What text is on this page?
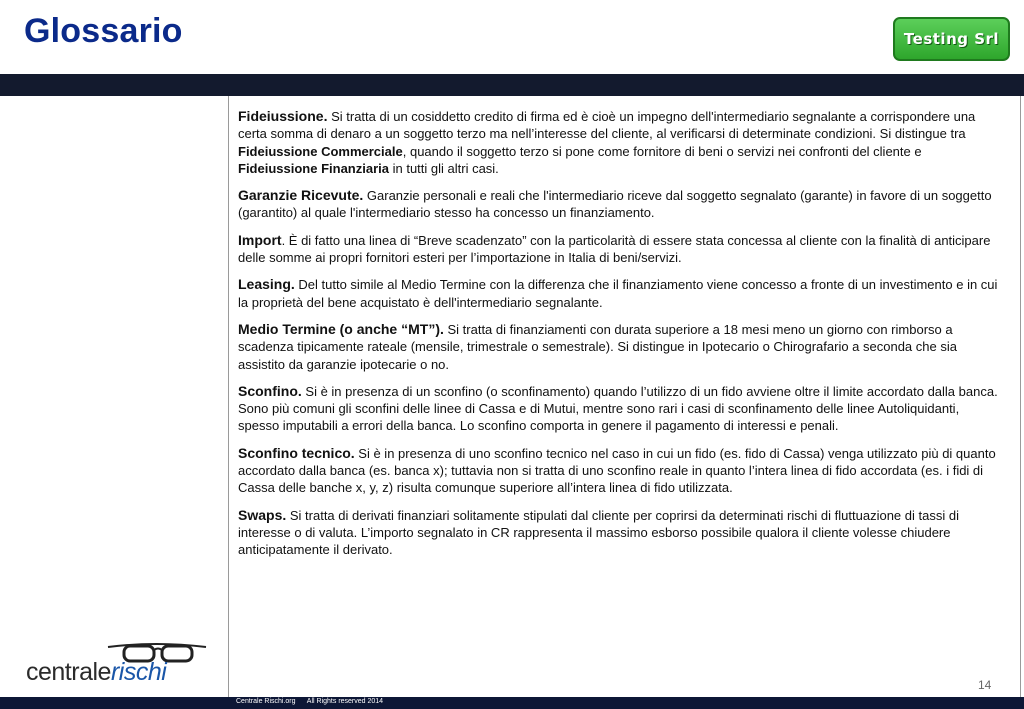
Glossario	Testing Srl

Fideiussione. Si tratta di un cosiddetto credito di firma ed è cioè un impegno dell'intermediario segnalante a corrispondere una certa somma di denaro a un soggetto terzo ma nell’interesse del cliente, al verificarsi di determinate condizioni. Si distingue tra Fideiussione Commerciale, quando il soggetto terzo si pone come fornitore di beni o servizi nei confronti del cliente e Fideiussione Finanziaria in tutti gli altri casi.

Garanzie Ricevute. Garanzie personali e reali che l'intermediario riceve dal soggetto segnalato (garante) in favore di un soggetto (garantito) al quale l'intermediario stesso ha concesso un finanziamento.

Import. È di fatto una linea di “Breve scadenzato” con la particolarità di essere stata concessa al cliente con la finalità di anticipare delle somme ai propri fornitori esteri per l’importazione in Italia di beni/servizi.

Leasing. Del tutto simile al Medio Termine con la differenza che il finanziamento viene concesso a fronte di un investimento e in cui la proprietà del bene acquistato è dell'intermediario segnalante.

Medio Termine (o anche “MT”). Si tratta di finanziamenti con durata superiore a 18 mesi meno un giorno con rimborso a scadenza tipicamente rateale (mensile, trimestrale o semestrale). Si distingue in Ipotecario o Chirografario a seconda che sia assistito da garanzie ipotecarie o no.

Sconfino. Si è in presenza di un sconfino (o sconfinamento) quando l’utilizzo di un fido avviene oltre il limite accordato dalla banca. Sono più comuni gli sconfini delle linee di Cassa e di Mutui, mentre sono rari i casi di sconfinamento delle linee Autoliquidanti, spesso imputabili a errori della banca. Lo sconfino comporta in genere il pagamento di interessi e penali.

Sconfino tecnico. Si è in presenza di uno sconfino tecnico nel caso in cui un fido (es. fido di Cassa) venga utilizzato più di quanto accordato dalla banca (es. banca x); tuttavia non si tratta di uno sconfino reale in quanto l’intera linea di fido accordata (es. i fidi di Cassa delle banche x, y, z) risulta comunque superiore all’intera linea di fido utilizzata.

Swaps. Si tratta di derivati finanziari solitamente stipulati dal cliente per coprirsi da determinati rischi di fluttuazione di tassi di interesse o di valuta. L’importo segnalato in CR rappresenta il massimo esborso possibile qualora il cliente volesse chiudere anticipatamente il derivato.

centralerischi	14
Centrale Rischi.org      All Rights reserved 2014
